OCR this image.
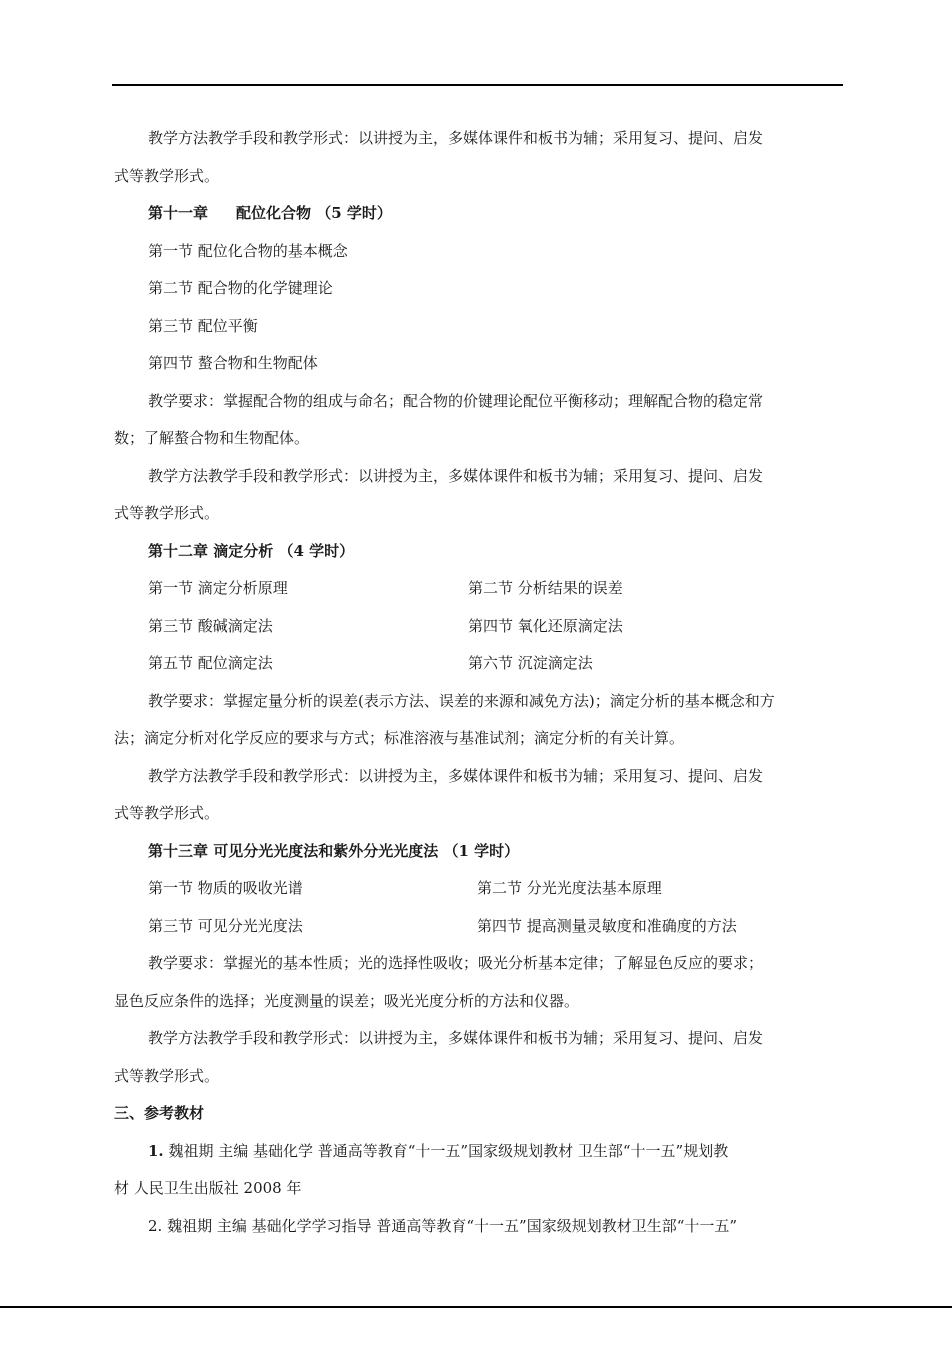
教学方法教学手段和教学形式：以讲授为主，多媒体课件和板书为辅；采用复习、提问、启发

式等教学形式。

第十一章 配位化合物 （5 学时）

第一节 配位化合物的基本概念

第二节 配合物的化学键理论

第三节 配位平衡

第四节 螯合物和生物配体

教学要求：掌握配合物的组成与命名；配合物的价键理论配位平衡移动；理解配合物的稳定常

数；了解螯合物和生物配体。

教学方法教学手段和教学形式：以讲授为主，多媒体课件和板书为辅；采用复习、提问、启发

式等教学形式。

第十二章 滴定分析 （4 学时）

第一节 滴定分析原理	第二节 分析结果的误差
第三节 酸碱滴定法	第四节 氧化还原滴定法
第五节 配位滴定法	第六节 沉淀滴定法

教学要求：掌握定量分析的误差(表示方法、误差的来源和减免方法)；滴定分析的基本概念和方

法；滴定分析对化学反应的要求与方式；标准溶液与基准试剂；滴定分析的有关计算。

教学方法教学手段和教学形式：以讲授为主，多媒体课件和板书为辅；采用复习、提问、启发

式等教学形式。

第十三章 可见分光光度法和紫外分光光度法 （1 学时）

第一节 物质的吸收光谱	第二节 分光光度法基本原理
第三节 可见分光光度法	第四节 提高测量灵敏度和准确度的方法

教学要求：掌握光的基本性质；光的选择性吸收；吸光分析基本定律；了解显色反应的要求；

显色反应条件的选择；光度测量的误差；吸光光度分析的方法和仪器。

教学方法教学手段和教学形式：以讲授为主，多媒体课件和板书为辅；采用复习、提问、启发

式等教学形式。

三、参考教材

1. 魏祖期 主编 基础化学 普通高等教育“十一五”国家级规划教材 卫生部“十一五”规划教

材 人民卫生出版社 2008 年

2. 魏祖期 主编 基础化学学习指导 普通高等教育“十一五”国家级规划教材卫生部“十一五”
